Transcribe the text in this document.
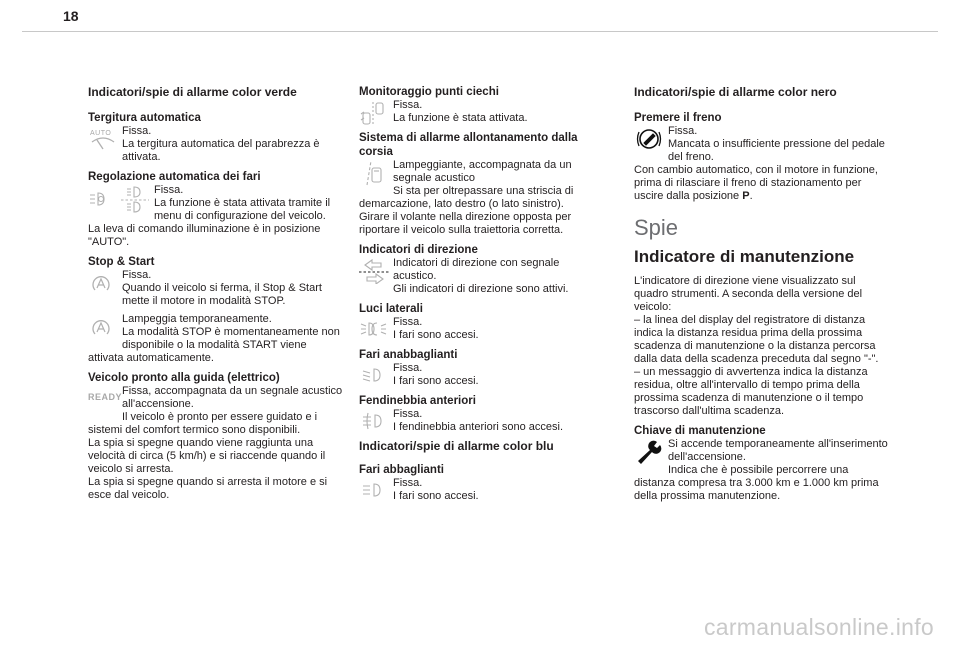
18
Indicatori/spie di allarme color verde
Tergitura automatica
AUTO Fissa.
La tergitura automatica del parabrezza è attivata.

Regolazione automatica dei fari

Fissa.
La funzione è stata attivata tramite il menu di configurazione del veicolo.
La leva di comando illuminazione è in posizione "AUTO".

Stop & Start

Fissa.
Quando il veicolo si ferma, il Stop & Start mette il motore in modalità STOP.

Lampeggia temporaneamente.
La modalità STOP è momentaneamente non disponibile o la modalità START viene attivata automaticamente.

Veicolo pronto alla guida (elettrico)
READY Fissa, accompagnata da un segnale acustico all'accensione.
Il veicolo è pronto per essere guidato e i sistemi del comfort termico sono disponibili.
La spia si spegne quando viene raggiunta una velocità di circa (5 km/h) e si riaccende quando il veicolo si arresta.
La spia si spegne quando si arresta il motore e si esce dal veicolo.

Monitoraggio punti ciechi

Fissa.
La funzione è stata attivata.

Sistema di allarme allontanamento dalla corsia

Lampeggiante, accompagnata da un segnale acustico
Si sta per oltrepassare una striscia di demarcazione, lato destro (o lato sinistro).
Girare il volante nella direzione opposta per riportare il veicolo sulla traiettoria corretta.

Indicatori di direzione

Indicatori di direzione con segnale acustico.
Gli indicatori di direzione sono attivi.

Luci laterali

Fissa.
I fari sono accesi.

Fari anabbaglianti

Fissa.
I fari sono accesi.

Fendinebbia anteriori

Fissa.
I fendinebbia anteriori sono accesi.

Indicatori/spie di allarme color blu
Fari abbaglianti

Fissa.
I fari sono accesi.

Indicatori/spie di allarme color nero
Premere il freno

Fissa.
Mancata o insufficiente pressione del pedale del freno.
Con cambio automatico, con il motore in funzione, prima di rilasciare il freno di stazionamento per uscire dalla posizione P.

Spie
Indicatore di manutenzione
L'indicatore di direzione viene visualizzato sul quadro strumenti. A seconda della versione del veicolo:
– la linea del display del registratore di distanza indica la distanza residua prima della prossima scadenza di manutenzione o la distanza percorsa dalla data della scadenza preceduta dal segno "-".
– un messaggio di avvertenza indica la distanza residua, oltre all'intervallo di tempo prima della prossima scadenza di manutenzione o il tempo trascorso dall'ultima scadenza.
Chiave di manutenzione

Si accende temporaneamente all'inserimento dell'accensione.
Indica che è possibile percorrere una distanza compresa tra 3.000 km e 1.000 km prima della prossima manutenzione.

carmanualsonline.info
